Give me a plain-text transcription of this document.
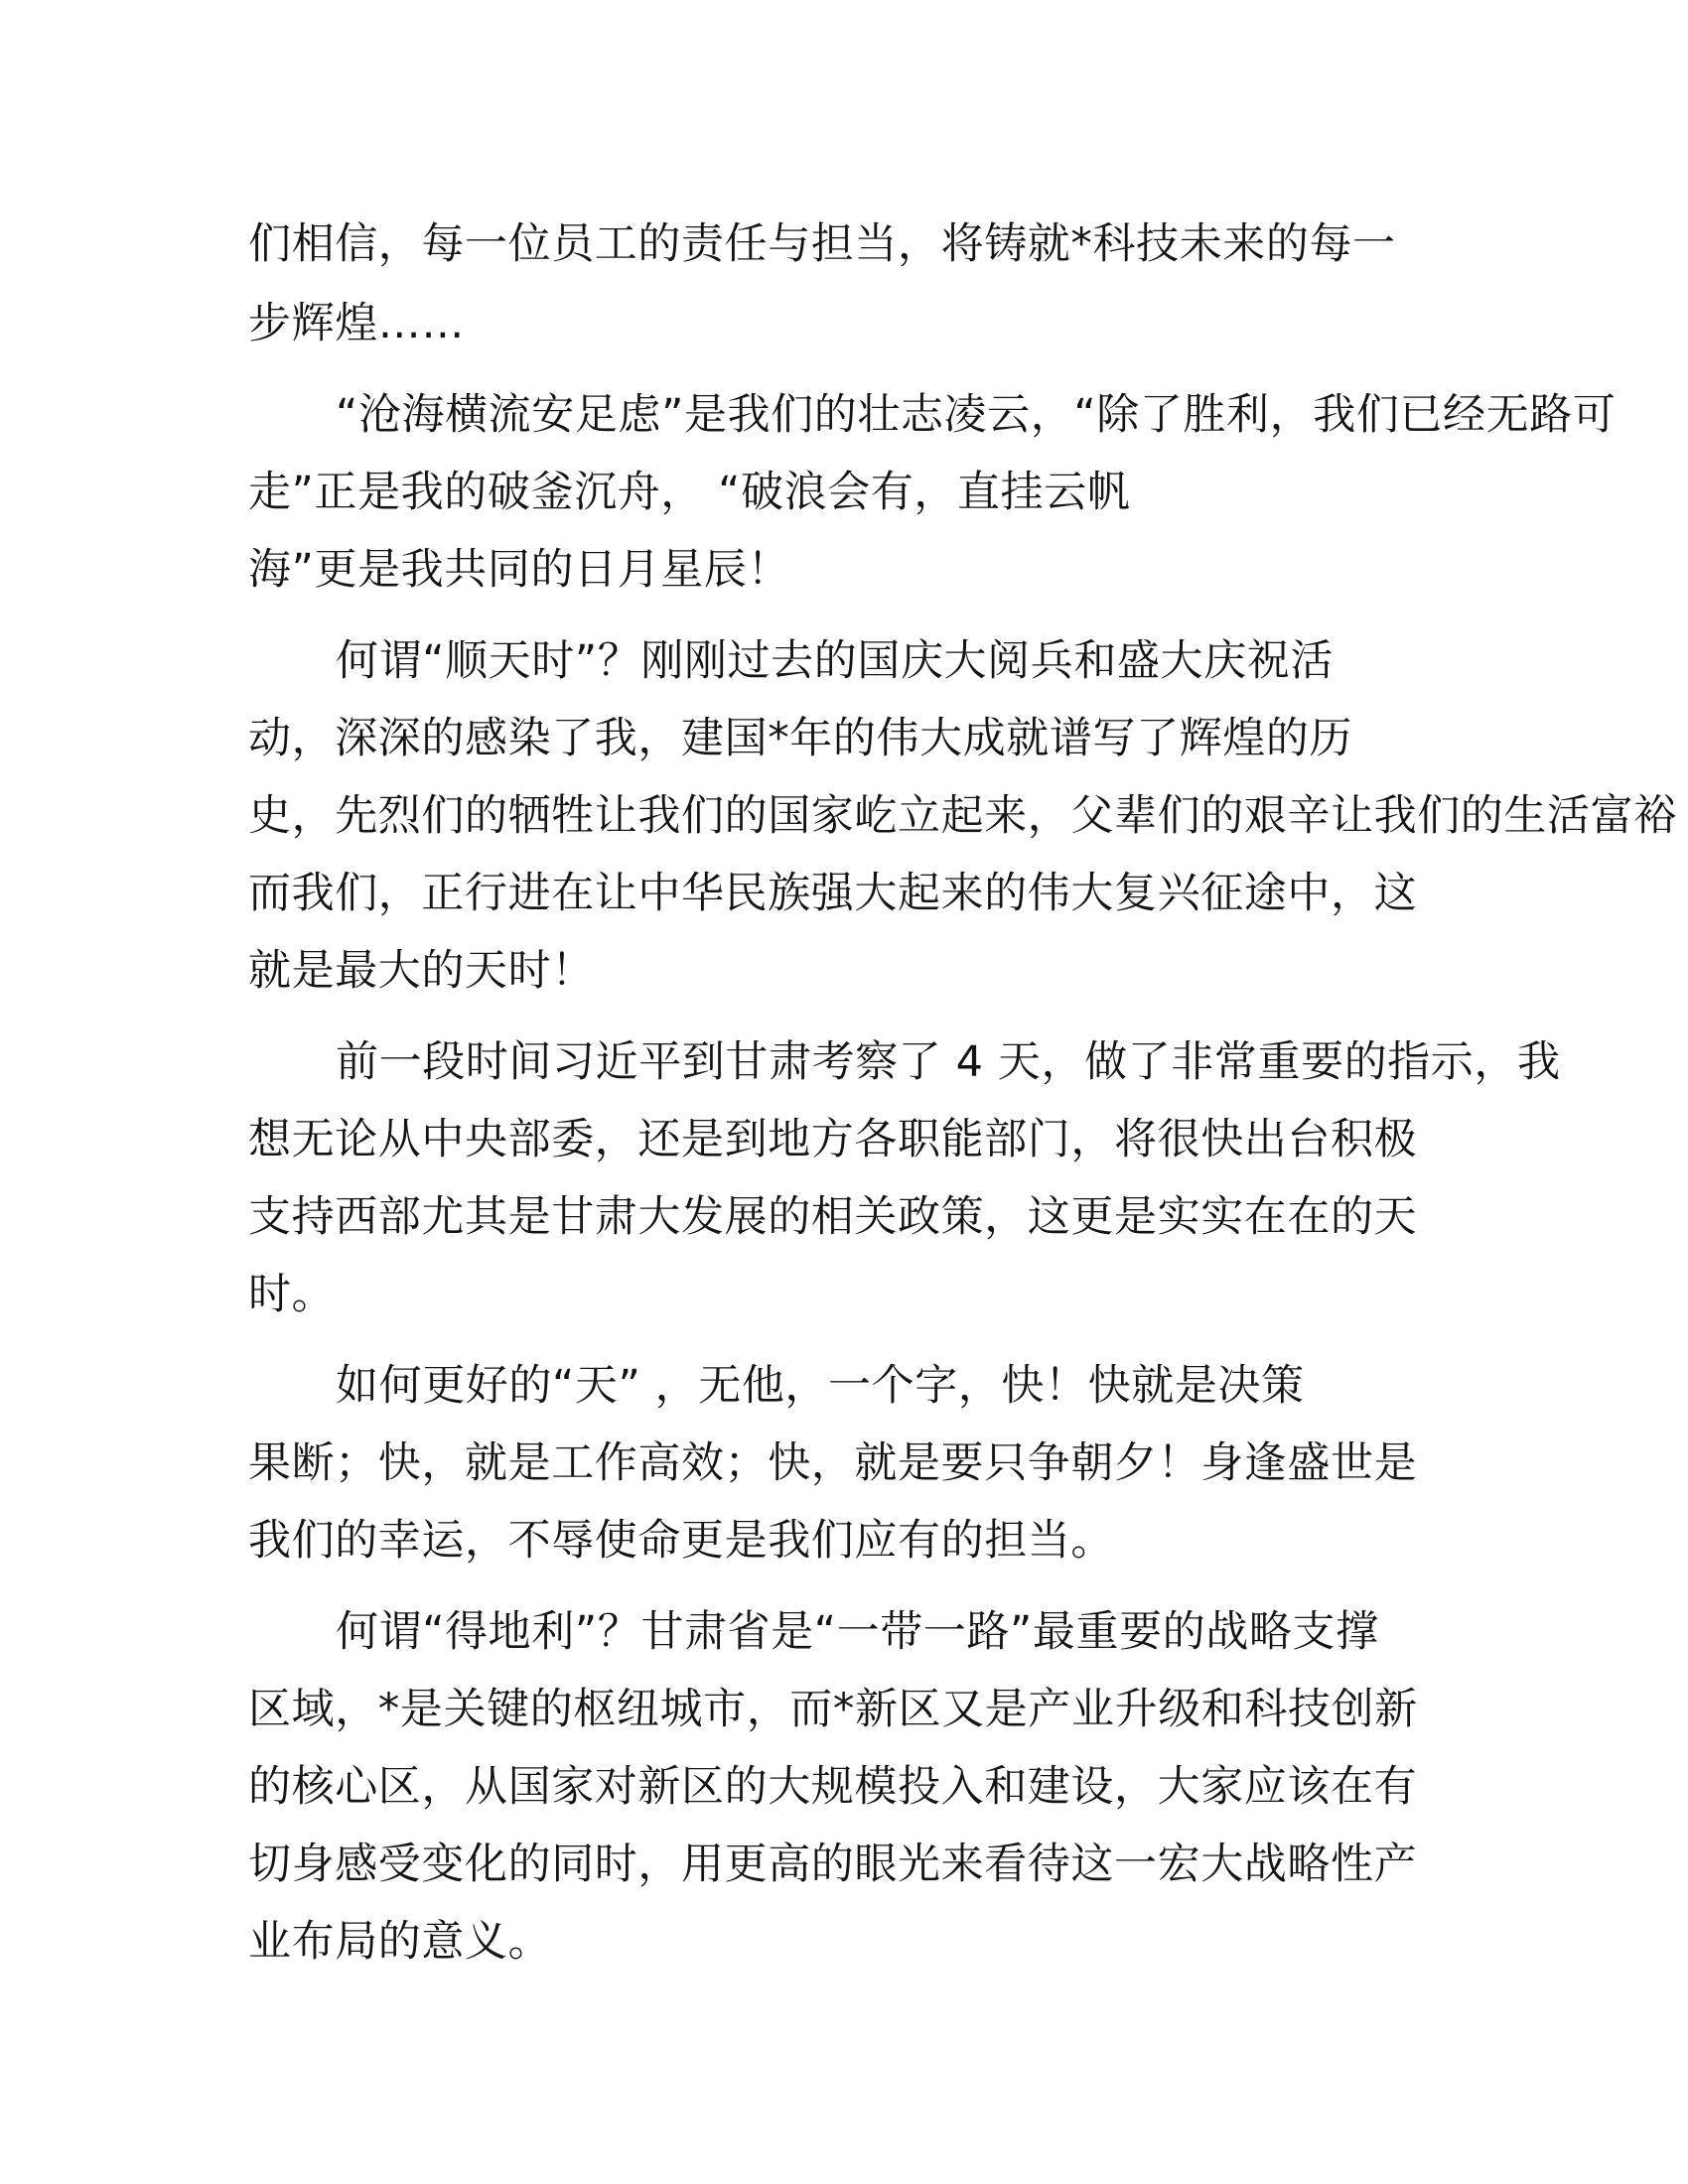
们相信，每一位员工的责任与担当，将铸就*科技未来的每一
步辉煌……
“沧海横流安足虑”是我们的壮志凌云，“除了胜利，我们已经无路可
走”正是我的破釜沉舟， “破浪会有，直挂云帆
海”更是我共同的日月星辰！
何谓“顺天时”？刚刚过去的国庆大阅兵和盛大庆祝活
动，深深的感染了我，建国*年的伟大成就谱写了辉煌的历
史，先烈们的牺牲让我们的国家屹立起来，父辈们的艰辛让我们的生活富裕
而我们，正行进在让中华民族强大起来的伟大复兴征途中，这
就是最大的天时！
前一段时间习近平到甘肃考察了 4 天，做了非常重要的指示，我
想无论从中央部委，还是到地方各职能部门，将很快出台积极
支持西部尤其是甘肃大发展的相关政策，这更是实实在在的天
时。
如何更好的“天” ，无他，一个字，快！快就是决策
果断；快，就是工作高效；快，就是要只争朝夕！身逢盛世是
我们的幸运，不辱使命更是我们应有的担当。
何谓“得地利”？甘肃省是“一带一路”最重要的战略支撑
区域，*是关键的枢纽城市，而*新区又是产业升级和科技创新
的核心区，从国家对新区的大规模投入和建设，大家应该在有
切身感受变化的同时，用更高的眼光来看待这一宏大战略性产
业布局的意义。
